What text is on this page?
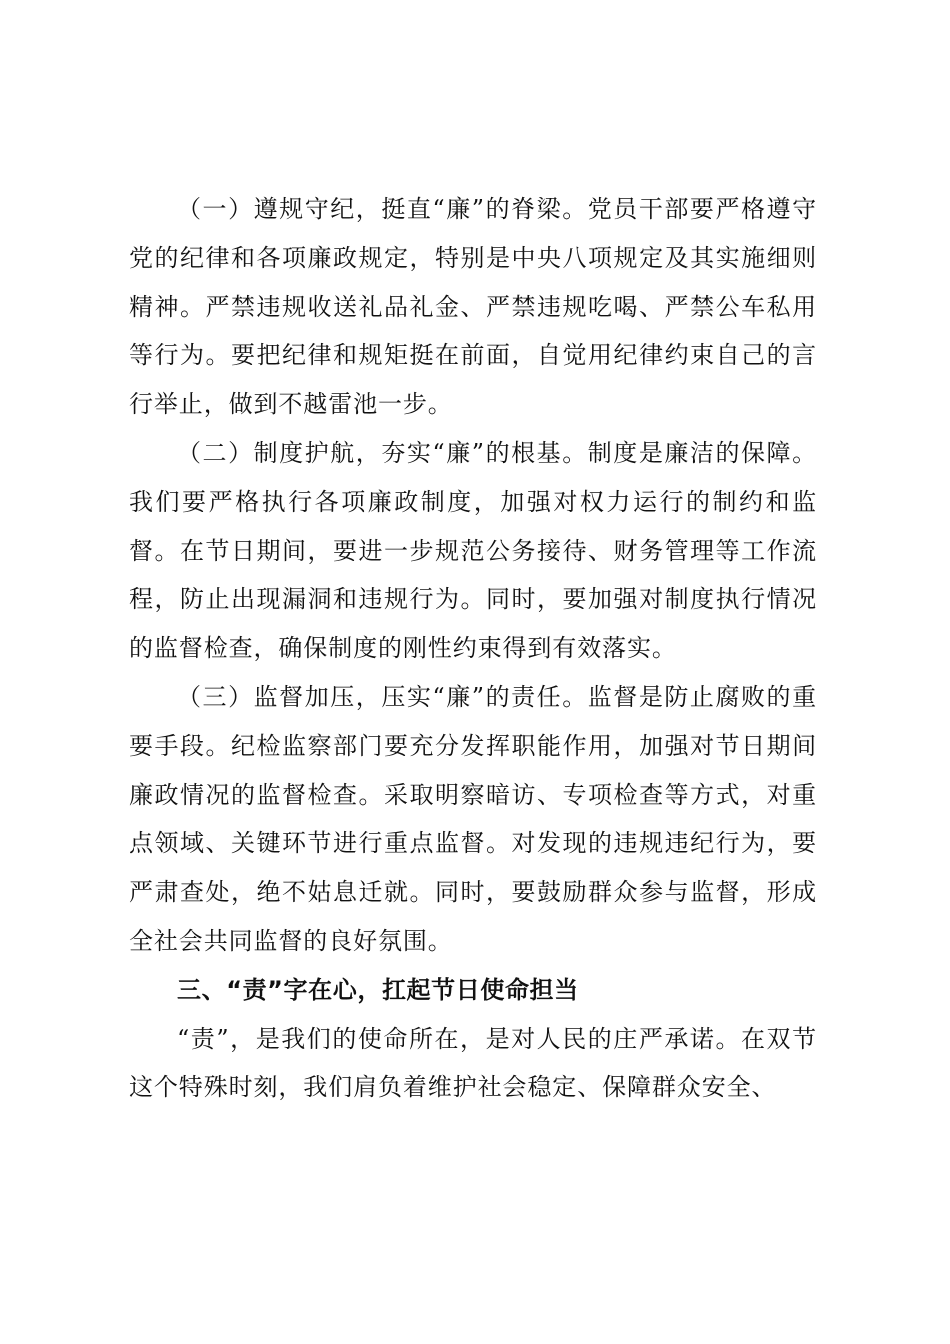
（一）遵规守纪，挺直“廉”的脊梁。党员干部要严格遵守党的纪律和各项廉政规定，特别是中央八项规定及其实施细则精神。严禁违规收送礼品礼金、严禁违规吃喝、严禁公车私用等行为。要把纪律和规矩挺在前面，自觉用纪律约束自己的言行举止，做到不越雷池一步。

（二）制度护航，夯实“廉”的根基。制度是廉洁的保障。我们要严格执行各项廉政制度，加强对权力运行的制约和监督。在节日期间，要进一步规范公务接待、财务管理等工作流程，防止出现漏洞和违规行为。同时，要加强对制度执行情况的监督检查，确保制度的刚性约束得到有效落实。

（三）监督加压，压实“廉”的责任。监督是防止腐败的重要手段。纪检监察部门要充分发挥职能作用，加强对节日期间廉政情况的监督检查。采取明察暗访、专项检查等方式，对重点领域、关键环节进行重点监督。对发现的违规违纪行为，要严肃查处，绝不姑息迁就。同时，要鼓励群众参与监督，形成全社会共同监督的良好氛围。

三、“责”字在心，扛起节日使命担当

“责”，是我们的使命所在，是对人民的庄严承诺。在双节这个特殊时刻，我们肩负着维护社会稳定、保障群众安全、
